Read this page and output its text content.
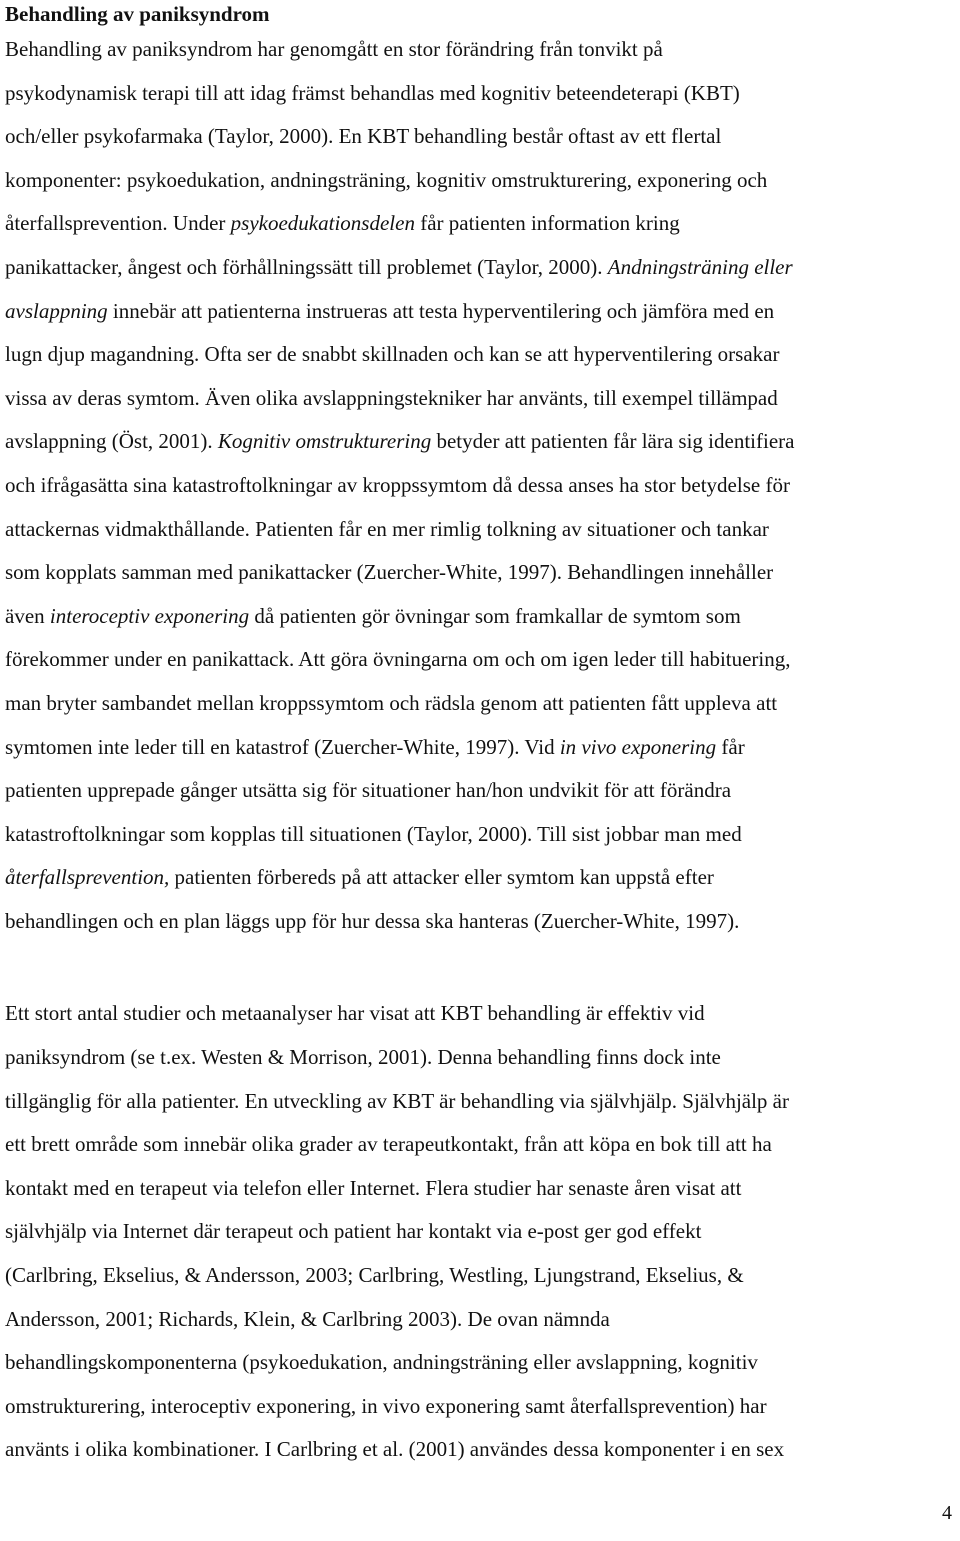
Behandling av paniksyndrom
Behandling av paniksyndrom har genomgått en stor förändring från tonvikt på
psykodynamisk terapi till att idag främst behandlas med kognitiv beteendeterapi (KBT)
och/eller psykofarmaka (Taylor, 2000). En KBT behandling består oftast av ett flertal
komponenter: psykoedukation, andningsträning, kognitiv omstrukturering, exponering och
återfallsprevention. Under psykoedukationsdelen får patienten information kring
panikattacker, ångest och förhållningssätt till problemet (Taylor, 2000). Andningsträning eller
avslappning innebär att patienterna instrueras att testa hyperventilering och jämföra med en
lugn djup magandning. Ofta ser de snabbt skillnaden och kan se att hyperventilering orsakar
vissa av deras symtom. Även olika avslappningstekniker har använts, till exempel tillämpad
avslappning (Öst, 2001). Kognitiv omstrukturering betyder att patienten får lära sig identifiera
och ifrågasätta sina katastroftolkningar av kroppssymtom då dessa anses ha stor betydelse för
attackernas vidmakthållande. Patienten får en mer rimlig tolkning av situationer och tankar
som kopplats samman med panikattacker (Zuercher-White, 1997). Behandlingen innehåller
även interoceptiv exponering då patienten gör övningar som framkallar de symtom som
förekommer under en panikattack. Att göra övningarna om och om igen leder till habituering,
man bryter sambandet mellan kroppssymtom och rädsla genom att patienten fått uppleva att
symtomen inte leder till en katastrof (Zuercher-White, 1997). Vid in vivo exponering får
patienten upprepade gånger utsätta sig för situationer han/hon undvikit för att förändra
katastroftolkningar som kopplas till situationen (Taylor, 2000). Till sist jobbar man med
återfallsprevention, patienten förbereds på att attacker eller symtom kan uppstå efter
behandlingen och en plan läggs upp för hur dessa ska hanteras (Zuercher-White, 1997).
Ett stort antal studier och metaanalyser har visat att KBT behandling är effektiv vid
paniksyndrom (se t.ex. Westen & Morrison, 2001). Denna behandling finns dock inte
tillgänglig för alla patienter. En utveckling av KBT är behandling via självhjälp. Självhjälp är
ett brett område som innebär olika grader av terapeutkontakt, från att köpa en bok till att ha
kontakt med en terapeut via telefon eller Internet. Flera studier har senaste åren visat att
självhjälp via Internet där terapeut och patient har kontakt via e-post ger god effekt
(Carlbring, Ekselius, & Andersson, 2003; Carlbring, Westling, Ljungstrand, Ekselius, &
Andersson, 2001; Richards, Klein, & Carlbring 2003). De ovan nämnda
behandlingskomponenterna (psykoedukation, andningsträning eller avslappning, kognitiv
omstrukturering, interoceptiv exponering, in vivo exponering samt återfallsprevention) har
använts i olika kombinationer. I Carlbring et al. (2001) användes dessa komponenter i en sex
4
